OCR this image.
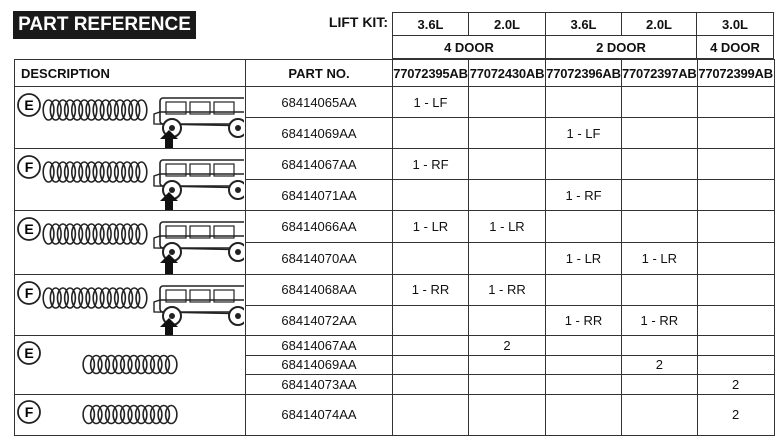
PART REFERENCE	LIFT KIT: 3.6L	2.0L	3.6L	2.0L	3.0L
4 DOOR		2 DOOR		4 DOOR
DESCRIPTION	PART NO.	77072395AB	77072430AB	77072396AB	77072397AB	77072399AB

E	68414065AA	1 - LF				
	68414069AA			1 - LF		

F	68414067AA	1 - RF				
	68414071AA			1 - RF		

E	68414066AA	1 - LR	1 - LR			
	68414070AA			1 - LR	1 - LR	

F	68414068AA	1 - RR	1 - RR			
	68414072AA			1 - RR	1 - RR	

E	68414067AA		2			
	68414069AA				2	
	68414073AA					2

F	68414074AA					2
